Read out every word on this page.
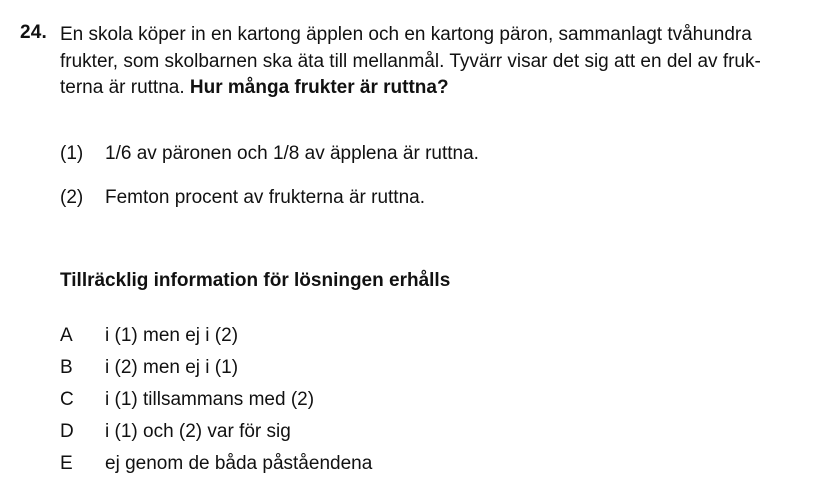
24. En skola köper in en kartong äpplen och en kartong päron, sammanlagt tvåhundra
frukter, som skolbarnen ska äta till mellanmål. Tyvärr visar det sig att en del av fruk-
terna är ruttna. Hur många frukter är ruttna?

(1) 1/6 av päronen och 1/8 av äpplena är ruttna.
(2) Femton procent av frukterna är ruttna.
Tillräcklig information för lösningen erhålls
A i (1) men ej i (2)
B i (2) men ej i (1)
C i (1) tillsammans med (2)
D i (1) och (2) var för sig
E ej genom de båda påståendena
